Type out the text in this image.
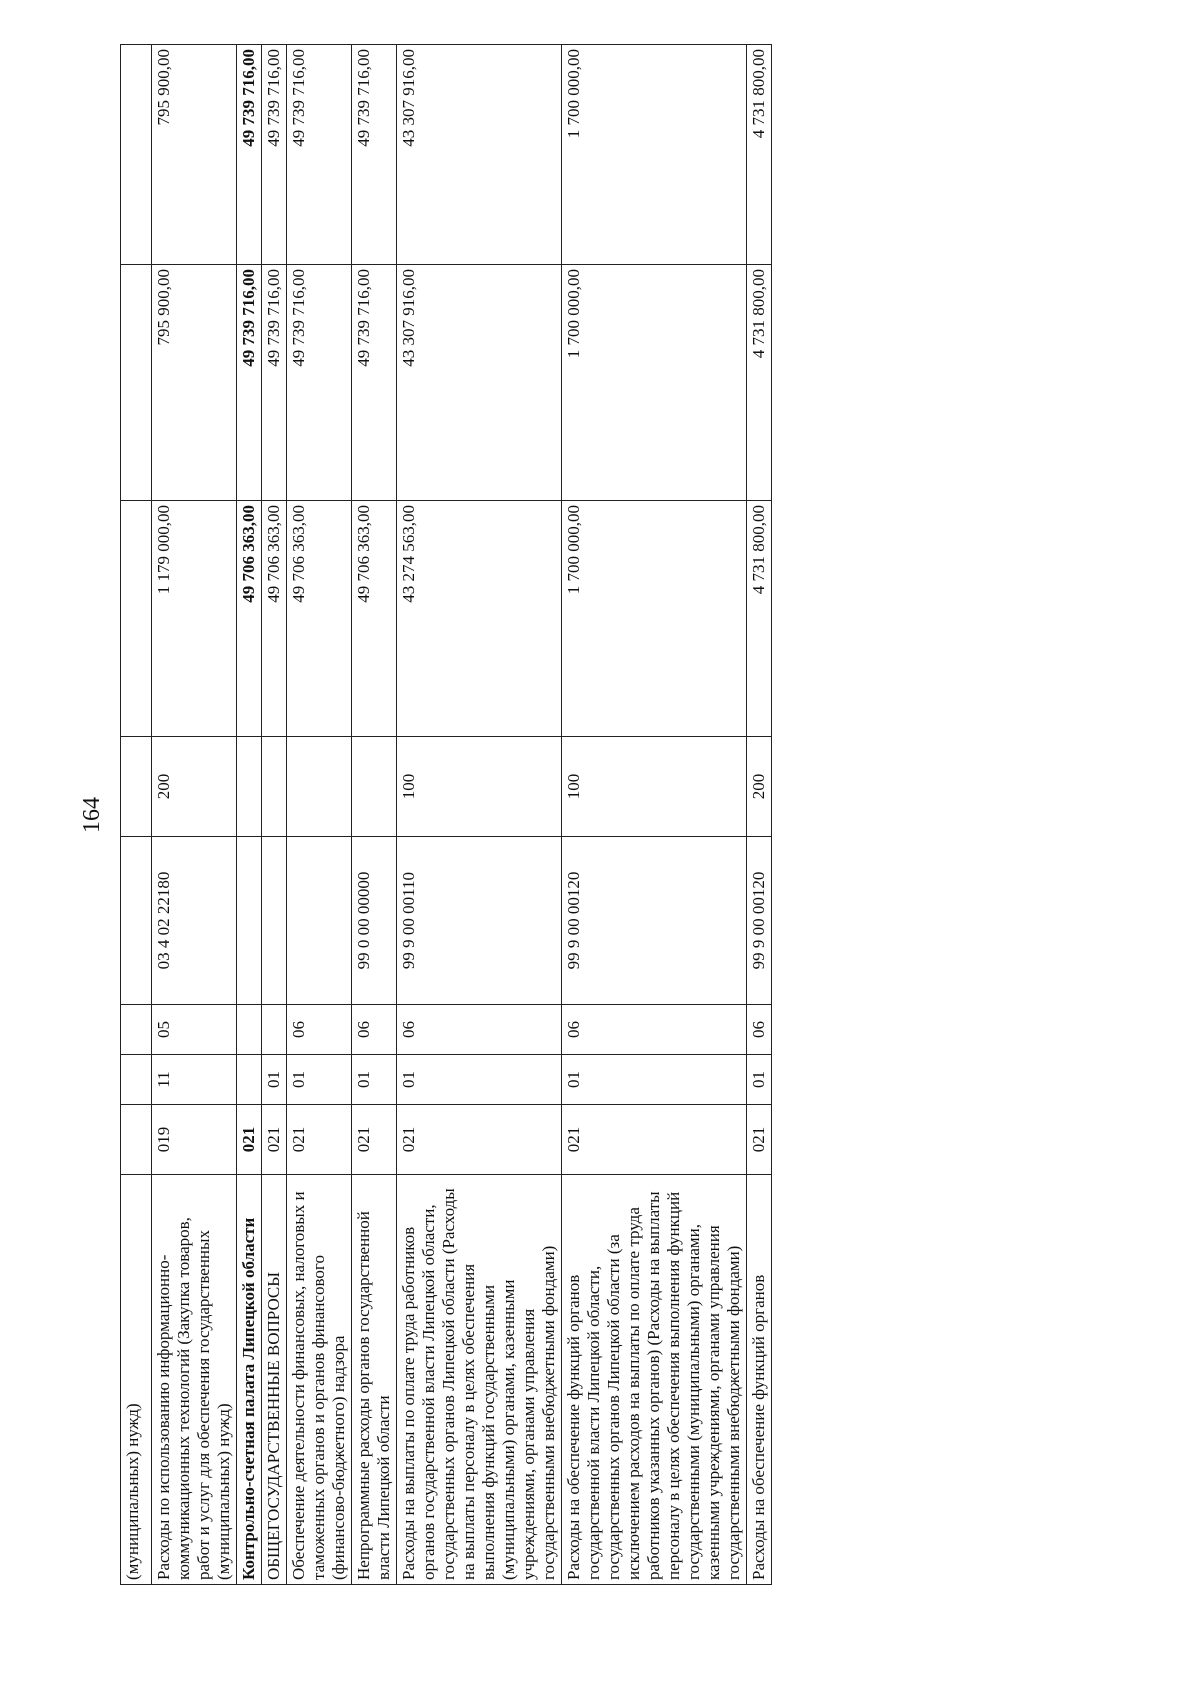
164
(муниципальных) нужд)								
Расходы по использованию информационно-коммуникационных технологий (Закупка товаров, работ и услуг для обеспечения государственных (муниципальных) нужд)	019	11	05	03 4 02 22180	200	1 179 000,00	795 900,00	795 900,00
Контрольно-счетная палата Липецкой области	021					49 706 363,00	49 739 716,00	49 739 716,00
ОБЩЕГОСУДАРСТВЕННЫЕ ВОПРОСЫ	021	01				49 706 363,00	49 739 716,00	49 739 716,00
Обеспечение деятельности финансовых, налоговых и таможенных органов и органов финансового (финансово-бюджетного) надзора	021	01	06			49 706 363,00	49 739 716,00	49 739 716,00
Непрограммные расходы органов государственной власти Липецкой области	021	01	06	99 0 00 00000		49 706 363,00	49 739 716,00	49 739 716,00
Расходы на выплаты по оплате труда работников органов государственной власти Липецкой области, государственных органов Липецкой области (Расходы на выплаты персоналу в целях обеспечения выполнения функций государственными (муниципальными) органами, казенными учреждениями, органами управления государственными внебюджетными фондами)	021	01	06	99 9 00 00110	100	43 274 563,00	43 307 916,00	43 307 916,00
Расходы на обеспечение функций органов государственной власти Липецкой области, государственных органов Липецкой области (за исключением расходов на выплаты по оплате труда работников указанных органов) (Расходы на выплаты персоналу в целях обеспечения выполнения функций государственными (муниципальными) органами, казенными учреждениями, органами управления государственными внебюджетными фондами)	021	01	06	99 9 00 00120	100	1 700 000,00	1 700 000,00	1 700 000,00
Расходы на обеспечение функций органов	021	01	06	99 9 00 00120	200	4 731 800,00	4 731 800,00	4 731 800,00
